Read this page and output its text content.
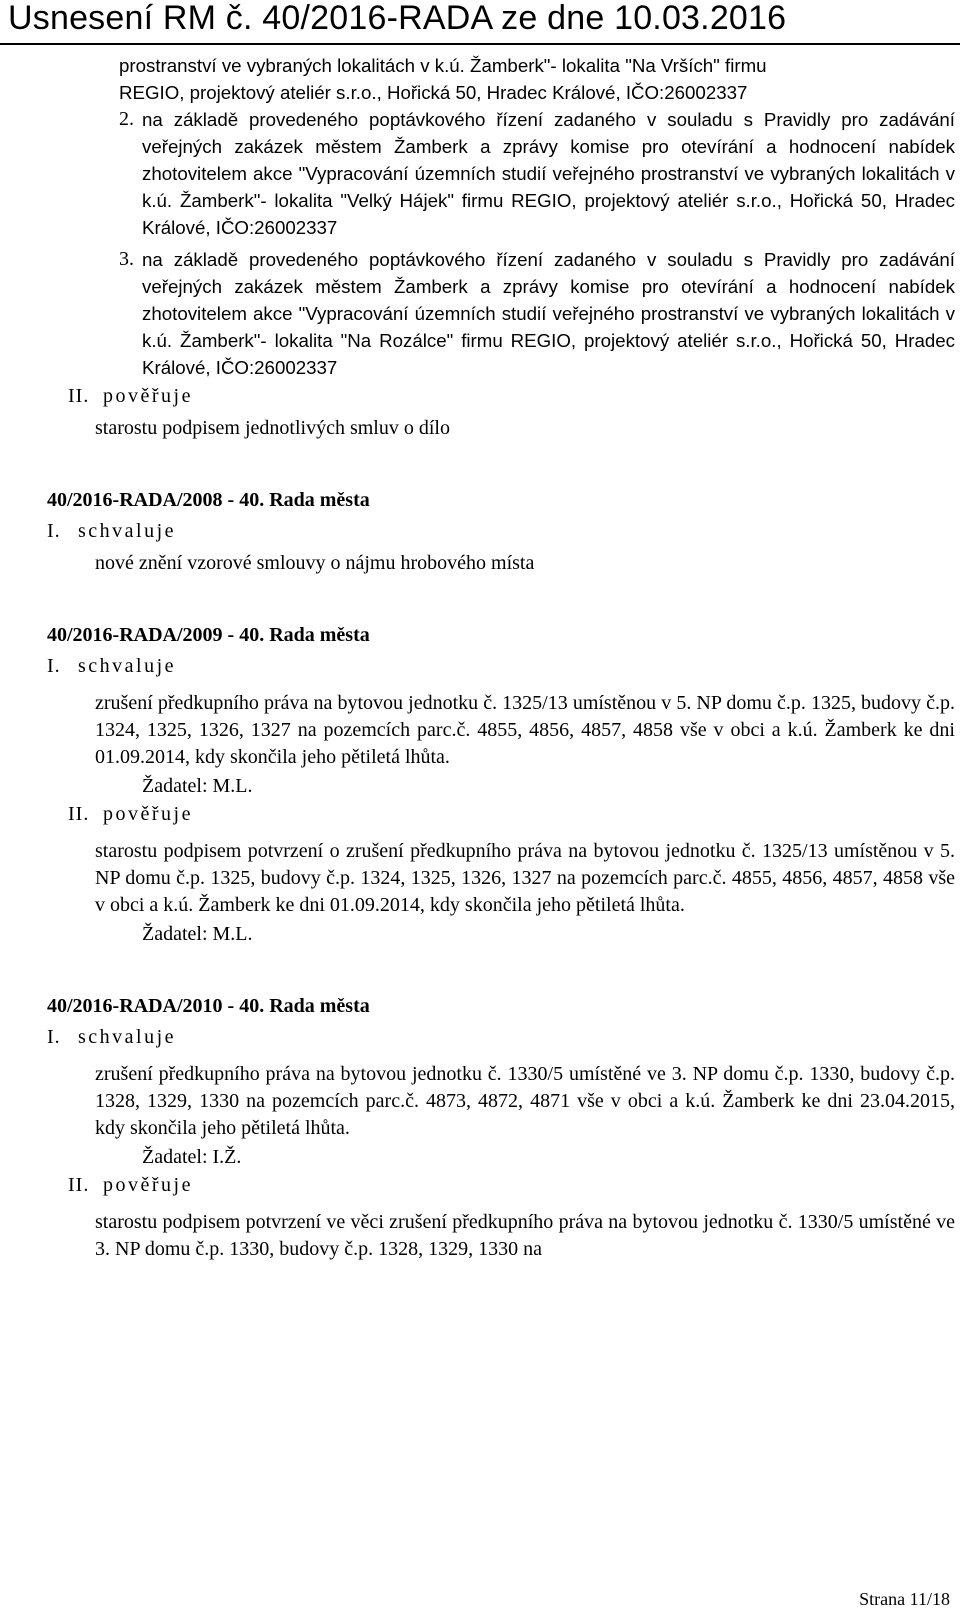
Usnesení RM č. 40/2016-RADA ze dne 10.03.2016
prostranství ve vybraných lokalitách v k.ú. Žamberk"- lokalita "Na Vrších" firmu
REGIO, projektový ateliér s.r.o., Hořická 50, Hradec Králové, IČO:26002337
2. na základě provedeného poptávkového řízení zadaného v souladu s Pravidly pro zadávání veřejných zakázek městem Žamberk a zprávy komise pro otevírání a hodnocení nabídek zhotovitelem akce "Vypracování územních studií veřejného prostranství ve vybraných lokalitách v k.ú. Žamberk"- lokalita "Velký Hájek" firmu REGIO, projektový ateliér s.r.o., Hořická 50, Hradec Králové, IČO:26002337
3. na základě provedeného poptávkového řízení zadaného v souladu s Pravidly pro zadávání veřejných zakázek městem Žamberk a zprávy komise pro otevírání a hodnocení nabídek zhotovitelem akce "Vypracování územních studií veřejného prostranství ve vybraných lokalitách v k.ú. Žamberk"- lokalita "Na Rozálce" firmu REGIO, projektový ateliér s.r.o., Hořická 50, Hradec Králové, IČO:26002337
II. pověřuje
starostu podpisem jednotlivých smluv o dílo
40/2016-RADA/2008 - 40. Rada města
I. schvaluje
nové znění vzorové smlouvy o nájmu hrobového místa
40/2016-RADA/2009 - 40. Rada města
I. schvaluje
zrušení předkupního práva na bytovou jednotku č. 1325/13 umístěnou v 5. NP domu č.p. 1325, budovy č.p. 1324, 1325, 1326, 1327 na pozemcích parc.č. 4855, 4856, 4857, 4858 vše v obci a k.ú. Žamberk ke dni 01.09.2014, kdy skončila jeho pětiletá lhůta.
Žadatel: M.L.
II. pověřuje
starostu podpisem potvrzení o zrušení předkupního práva na bytovou jednotku č. 1325/13 umístěnou v 5. NP domu č.p. 1325, budovy č.p. 1324, 1325, 1326, 1327 na pozemcích parc.č. 4855, 4856, 4857, 4858 vše v obci a k.ú. Žamberk ke dni 01.09.2014, kdy skončila jeho pětiletá lhůta.
Žadatel: M.L.
40/2016-RADA/2010 - 40. Rada města
I. schvaluje
zrušení předkupního práva na bytovou jednotku č. 1330/5 umístěné ve 3. NP domu č.p. 1330, budovy č.p. 1328, 1329, 1330 na pozemcích parc.č. 4873, 4872, 4871 vše v obci a k.ú. Žamberk ke dni 23.04.2015, kdy skončila jeho pětiletá lhůta.
Žadatel: I.Ž.
II. pověřuje
starostu podpisem potvrzení ve věci zrušení předkupního práva na bytovou jednotku č. 1330/5 umístěné ve 3. NP domu č.p. 1330, budovy č.p. 1328, 1329, 1330 na
Strana 11/18
